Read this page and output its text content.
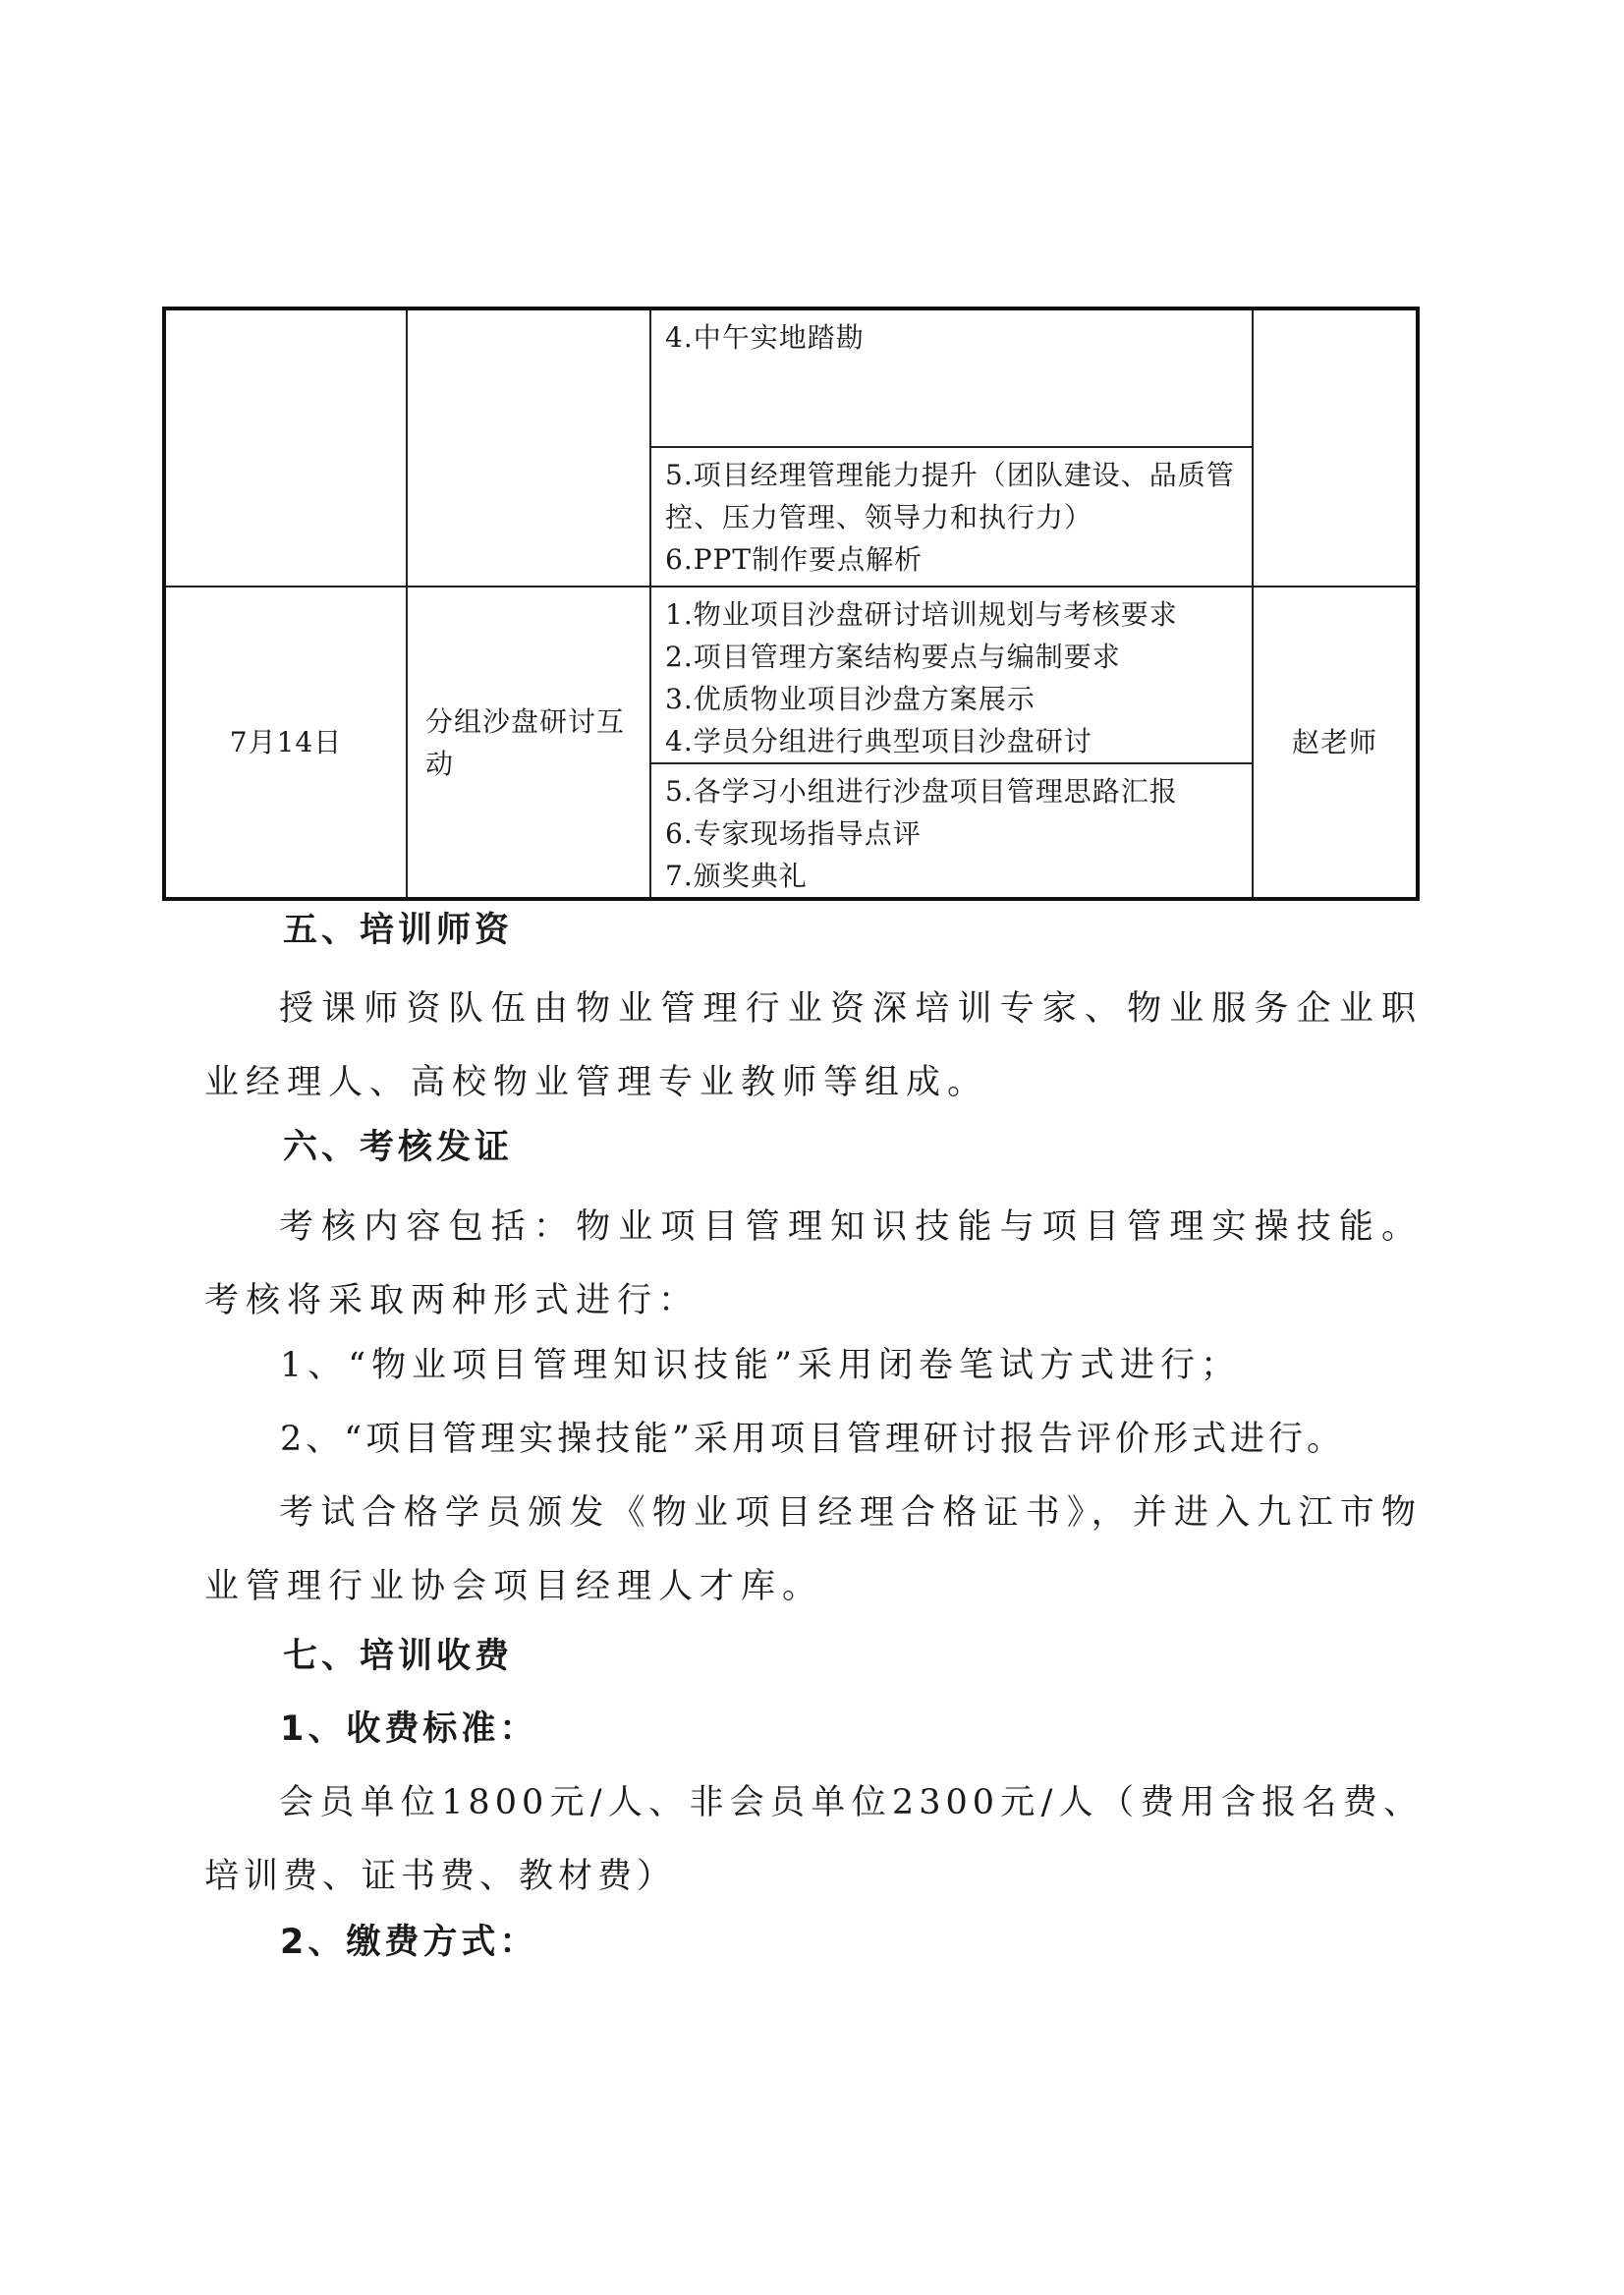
		4.中午实地踏勘	

		5.项目经理管理能力提升（团队建设、品质管控、压力管理、领导力和执行力）
6.PPT制作要点解析	

7月14日	分组沙盘研讨互动	1.物业项目沙盘研讨培训规划与考核要求
2.项目管理方案结构要点与编制要求
3.优质物业项目沙盘方案展示
4.学员分组进行典型项目沙盘研讨	赵老师

		5.各学习小组进行沙盘项目管理思路汇报
6.专家现场指导点评
7.颁奖典礼	
五、培训师资

授课师资队伍由物业管理行业资深培训专家、物业服务企业职业经理人、高校物业管理专业教师等组成。

六、考核发证

考核内容包括：物业项目管理知识技能与项目管理实操技能。考核将采取两种形式进行：

1、“物业项目管理知识技能”采用闭卷笔试方式进行；

2、“项目管理实操技能”采用项目管理研讨报告评价形式进行。

考试合格学员颁发《物业项目经理合格证书》，并进入九江市物业管理行业协会项目经理人才库。

七、培训收费
1、收费标准：

会员单位1800元/人、非会员单位2300元/人（费用含报名费、培训费、证书费、教材费）

2、缴费方式：
